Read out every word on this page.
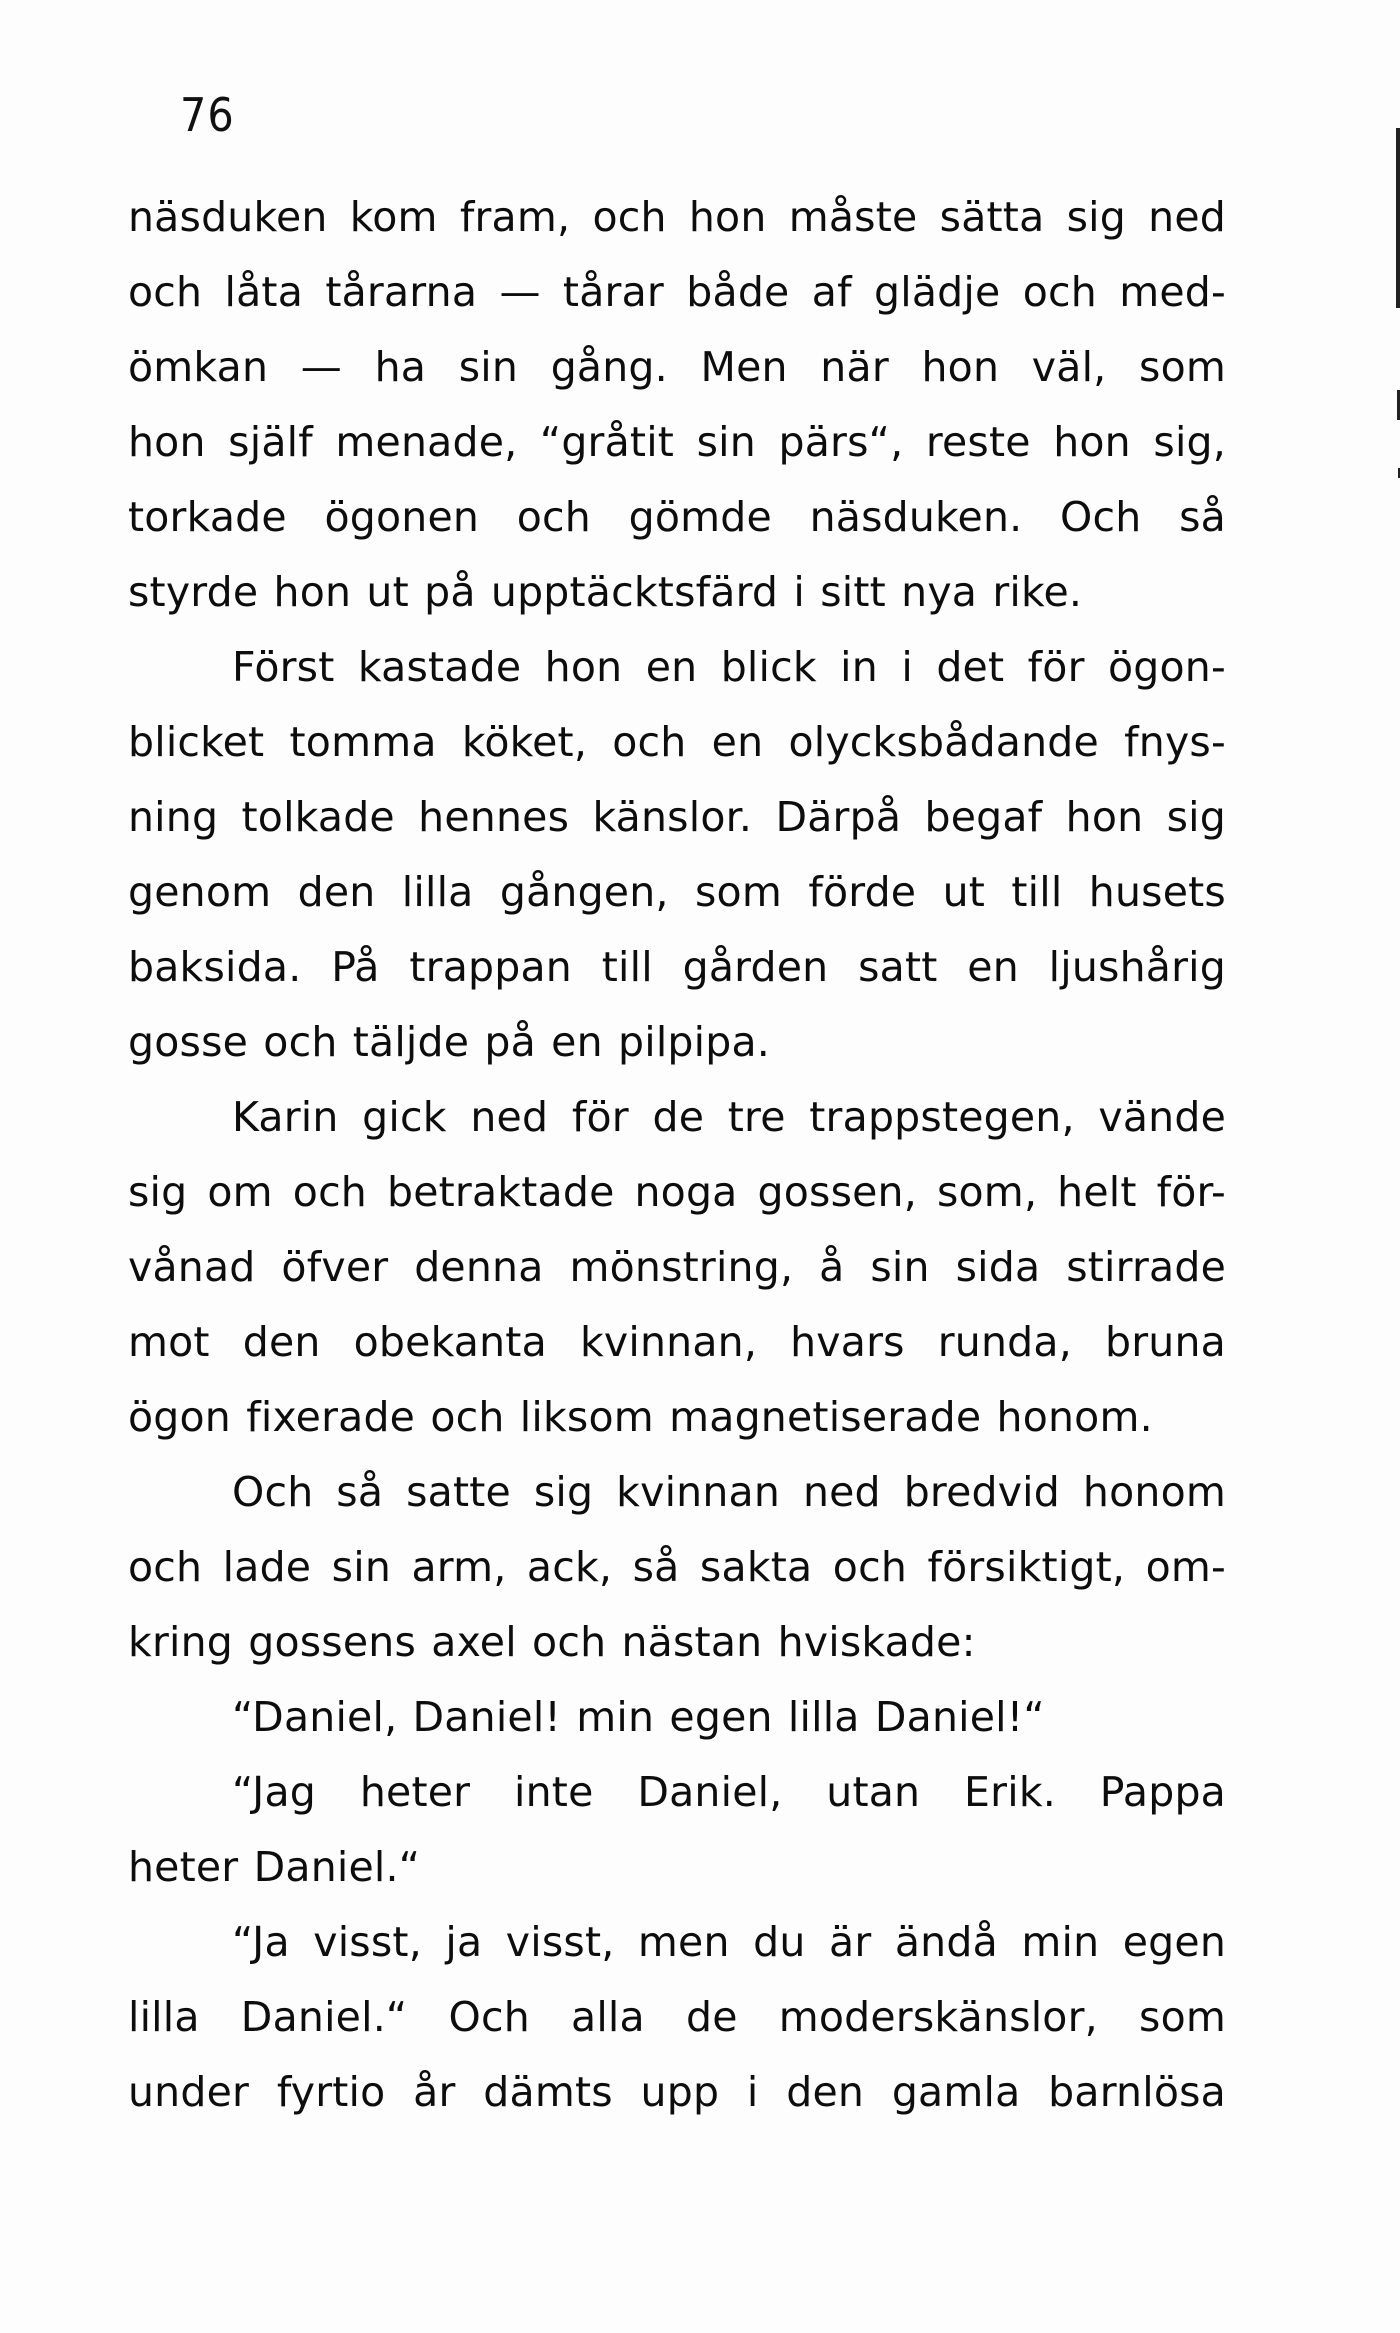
76
näsduken kom fram, och hon måste sätta sig ned
och låta tårarna — tårar både af glädje och med-
ömkan — ha sin gång. Men när hon väl, som
hon själf menade, “gråtit sin pärs“, reste hon sig,
torkade ögonen och gömde näsduken. Och så
styrde hon ut på upptäcktsfärd i sitt nya rike.
Först kastade hon en blick in i det för ögon-
blicket tomma köket, och en olycksbådande fnys-
ning tolkade hennes känslor. Därpå begaf hon sig
genom den lilla gången, som förde ut till husets
baksida. På trappan till gården satt en ljushårig
gosse och täljde på en pilpipa.
Karin gick ned för de tre trappstegen, vände
sig om och betraktade noga gossen, som, helt för-
vånad öfver denna mönstring, å sin sida stirrade
mot den obekanta kvinnan, hvars runda, bruna
ögon fixerade och liksom magnetiserade honom.
Och så satte sig kvinnan ned bredvid honom
och lade sin arm, ack, så sakta och försiktigt, om-
kring gossens axel och nästan hviskade:
“Daniel, Daniel! min egen lilla Daniel!“
“Jag heter inte Daniel, utan Erik. Pappa
heter Daniel.“
“Ja visst, ja visst, men du är ändå min egen
lilla Daniel.“ Och alla de moderskänslor, som
under fyrtio år dämts upp i den gamla barnlösa
